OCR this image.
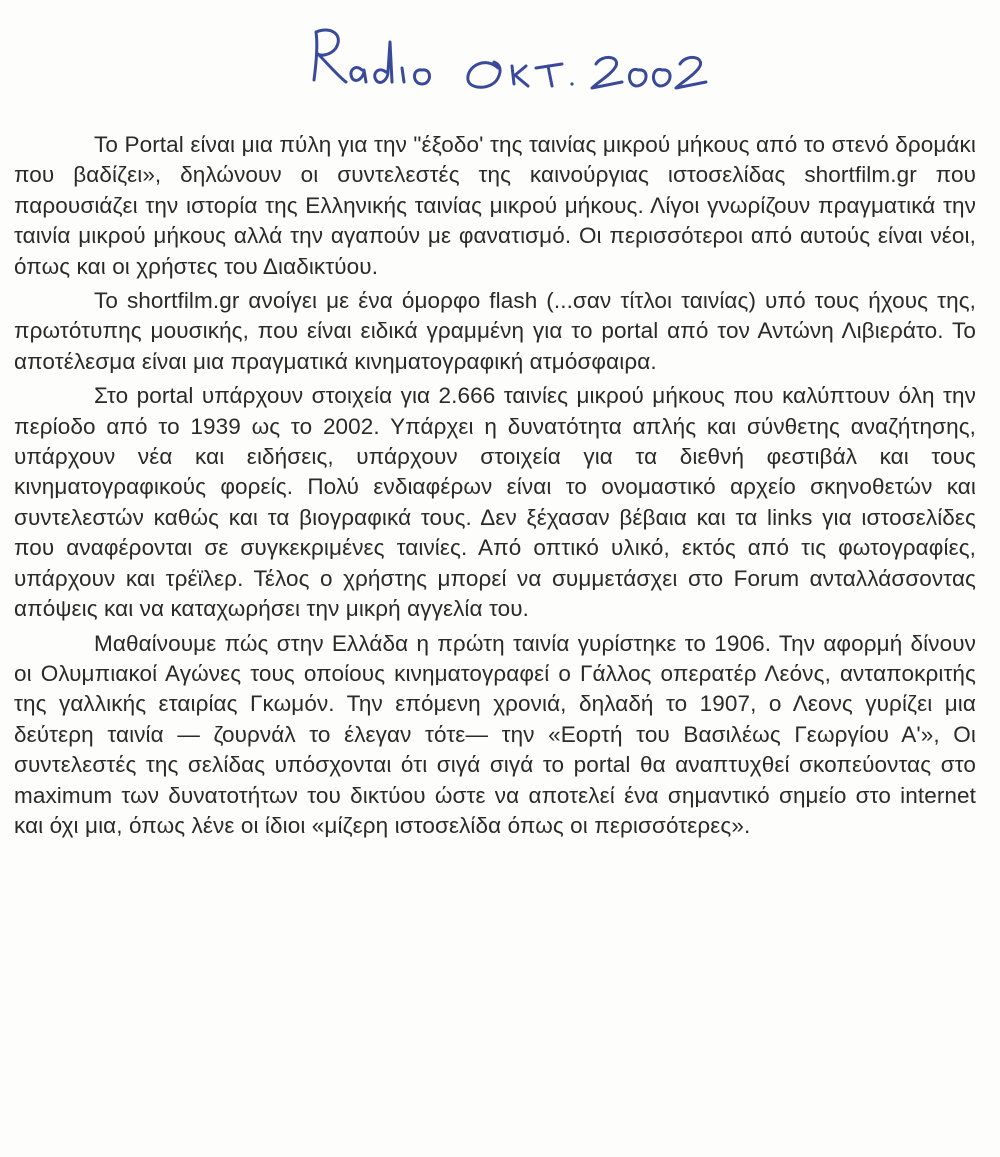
Το Portal είναι μια πύλη για την "έξοδο' της ταινίας μικρού μήκους από το στενό δρομάκι που βαδίζει», δηλώνουν οι συντελεστές της καινούργιας ιστοσελίδας shortfilm.gr που παρουσιάζει την ιστορία της Ελληνικής ταινίας μικρού μήκους. Λίγοι γνωρίζουν πραγματικά την ταινία μικρού μήκους αλλά την αγαπούν με φανατισμό. Οι περισσότεροι από αυτούς είναι νέοι, όπως και οι χρήστες του Διαδικτύου.

Το shortfilm.gr ανοίγει με ένα όμορφο flash (...σαν τίτλοι ταινίας) υπό τους ήχους της, πρωτότυπης μουσικής, που είναι ειδικά γραμμένη για το portal από τον Αντώνη Λιβιεράτο. Το αποτέλεσμα είναι μια πραγματικά κινηματογραφική ατμόσφαιρα.

Στο portal υπάρχουν στοιχεία για 2.666 ταινίες μικρού μήκους που καλύπτουν όλη την περίοδο από το 1939 ως το 2002. Υπάρχει η δυνατότητα απλής και σύνθετης αναζήτησης, υπάρχουν νέα και ειδήσεις, υπάρχουν στοιχεία για τα διεθνή φεστιβάλ και τους κινηματογραφικούς φορείς. Πολύ ενδιαφέρων είναι το ονομαστικό αρχείο σκηνοθετών και συντελεστών καθώς και τα βιογραφικά τους. Δεν ξέχασαν βέβαια και τα links για ιστοσελίδες που αναφέρονται σε συγκεκριμένες ταινίες. Από οπτικό υλικό, εκτός από τις φωτογραφίες, υπάρχουν και τρέϊλερ. Τέλος ο χρήστης μπορεί να συμμετάσχει στο Forum ανταλλάσσοντας απόψεις και να καταχωρήσει την μικρή αγγελία του.

Μαθαίνουμε πώς στην Ελλάδα η πρώτη ταινία γυρίστηκε το 1906. Την αφορμή δίνουν οι Ολυμπιακοί Αγώνες τους οποίους κινηματογραφεί ο Γάλλος οπερατέρ Λεόνς, ανταποκριτής της γαλλικής εταιρίας Γκωμόν. Την επόμενη χρονιά, δηλαδή το 1907, ο Λεονς γυρίζει μια δεύτερη ταινία — ζουρνάλ το έλεγαν τότε— την «Εορτή του Βασιλέως Γεωργίου Α'», Οι συντελεστές της σελίδας υπόσχονται ότι σιγά σιγά το portal θα αναπτυχθεί σκοπεύοντας στο maximum των δυνατοτήτων του δικτύου ώστε να αποτελεί ένα σημαντικό σημείο στο internet και όχι μια, όπως λένε οι ίδιοι «μίζερη ιστοσελίδα όπως οι περισσότερες».
